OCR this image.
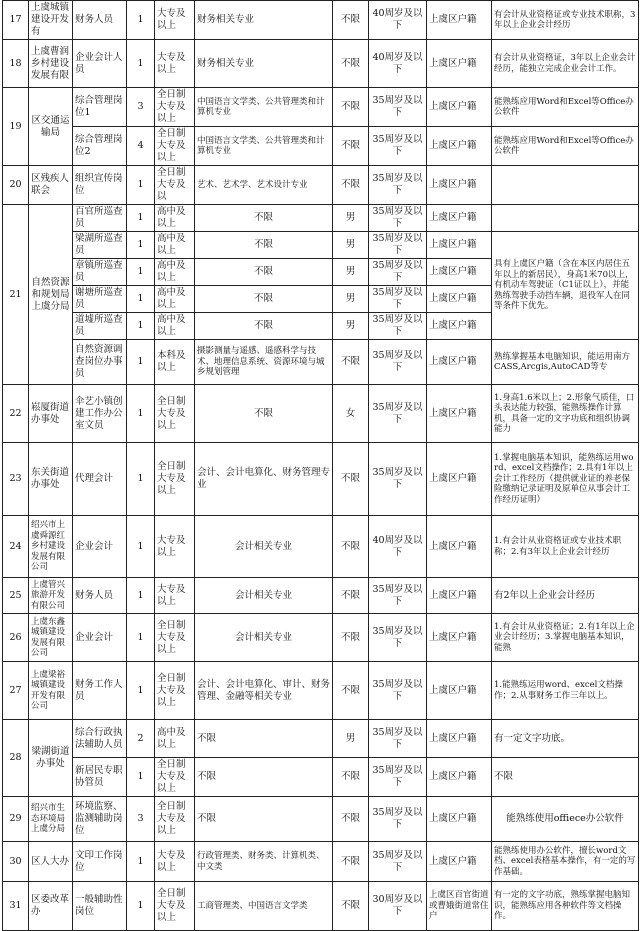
17	上虞城镇建设开发有	财务人员	1	大专及以上	财务相关专业	不限	40周岁及以下	上虞区户籍	有会计从业资格证或专业技术职称，3年以上企业会计经历
18	上虞曹润乡村建设发展有限	企业会计人员	1	大专及以上	财务相关专业	不限	40周岁及以下	上虞区户籍	有会计从业资格证，3年以上企业会计经历，能独立完成企业会计工作。
19	区交通运输局	综合管理岗位1	3	全日制大专及以上	中国语言文学类、公共管理类和计算机专业	不限	35周岁及以下	上虞区户籍	能熟练应用Word和Excel等Office办公软件
		综合管理岗位2	4	全日制大专及以上	中国语言文学类、公共管理类和计算机专业	不限	35周岁及以下	上虞区户籍	能熟练应用Word和Excel等Office办公软件
20	区残疾人联会	组织宣传岗位	1	全日制大专及以	艺术、艺术学、艺术设计专业	不限	35周岁及以下	上虞区户籍	
21	自然资源和规划局上虞分局	百官所巡查员	1	高中及以上	不限	男	35周岁及以下	上虞区户籍	
		梁湖所巡查员	1	高中及以上	不限	男	35周岁及以下	上虞区户籍	具有上虞区户籍（含在本区内居住五年以上的新居民），身高1米70以上，有机动车驾驶证（C1证以上），并能熟练驾驶手动挡车辆，退役军人在同等条件下优先。
		章镇所巡查员	1	高中及以上	不限	男	35周岁及以下	上虞区户籍	
		谢塘所巡查员	1	高中及以上	不限	男	35周岁及以下	上虞区户籍	
		道墟所巡查员	1	高中及以上	不限	男	35周岁及以下	上虞区户籍	
		自然资源调查岗位办事员	1	本科及以上	摄影测量与遥感、遥感科学与技术、地理信息系统、资源环境与城乡规划管理	不限	35周岁及以下	上虞区户籍	熟练掌握基本电脑知识，能运用南方CASS,Arcgis,AutoCAD等专
22	崧厦街道办事处	伞艺小镇创建工作办公室文员	1	全日制大专及以上	不限	女	35周岁及以下	上虞区户籍	1.身高1.6米以上；2.形象气质佳，口头表达能力较强，能熟练操作计算机，具备一定的文字功底和组织协调能力
23	东关街道办事处	代理会计	1	全日制大专及以上	会计、会计电算化、财务管理专业	不限	35周岁及以下	上虞区户籍	1.掌握电脑基本知识，能熟练运用word、excel文档操作；2.具有1年以上会计工作经历（提供就业证的养老保险缴纳记录证明及原单位从事会计工作经历证明）
24	绍兴市上虞舜源红乡村建设发展有限公司	企业会计	1	大专及以上	会计相关专业	不限	40周岁及以下	上虞区户籍	1.有会计从业资格证或专业技术职称；2.有3年以上企业会计经历
25	上虞管兴旅游开发有限公司	财务人员	1	大专及以上	会计相关专业	不限	35周岁及以下	上虞区户籍	有2年以上企业会计经历
26	上虞东鑫城镇建设发展有限公司	企业会计	1	全日制大专及以上	会计相关专业	不限	35周岁及以下	上虞区户籍	1.有会计从业资格证；2.有1年以上企业会计经历；3.掌握电脑基本知识，能熟
27	上虞梁裕城镇建设开发有限公司	财务工作人员	1	全日制大专及以上	会计、会计电算化、审计、财务管理、金融等相关专业	不限	35周岁及以下	上虞区户籍	1.能熟练运用word、excel文档操作；2.从事财务工作三年以上。
28	梁湖街道办事处	综合行政执法辅助人员	2	高中及以上	不限	男	35周岁及以下	上虞区户籍	有一定文字功底。
		新居民专职协管员	1	全日制大专及以上	不限	不限	35周岁及以下	上虞区户籍	不限
29	绍兴市生态环境局上虞分局	环境监察、监测辅助岗位	3	全日制大专及以上	不限	不限	35周岁及以下	上虞区户籍	能熟练使用offiece办公软件
30	区人大办	文印工作岗位	1	大专及以上	行政管理类、财务类、计算机类、中文类	不限	35周岁及以下	上虞区户籍	能熟练使用办公软件，擅长word文档、excel表格基本操作，有一定的写作基础。
31	区委改革办	一般辅助性岗位	1	全日制大专及以上	工商管理类、中国语言文学类	不限	30周岁及以下	上虞区百官街道或曹娥街道常住户	有一定的文字功底，熟练掌握电脑知识，能熟练应用各种软件等文档操作。
